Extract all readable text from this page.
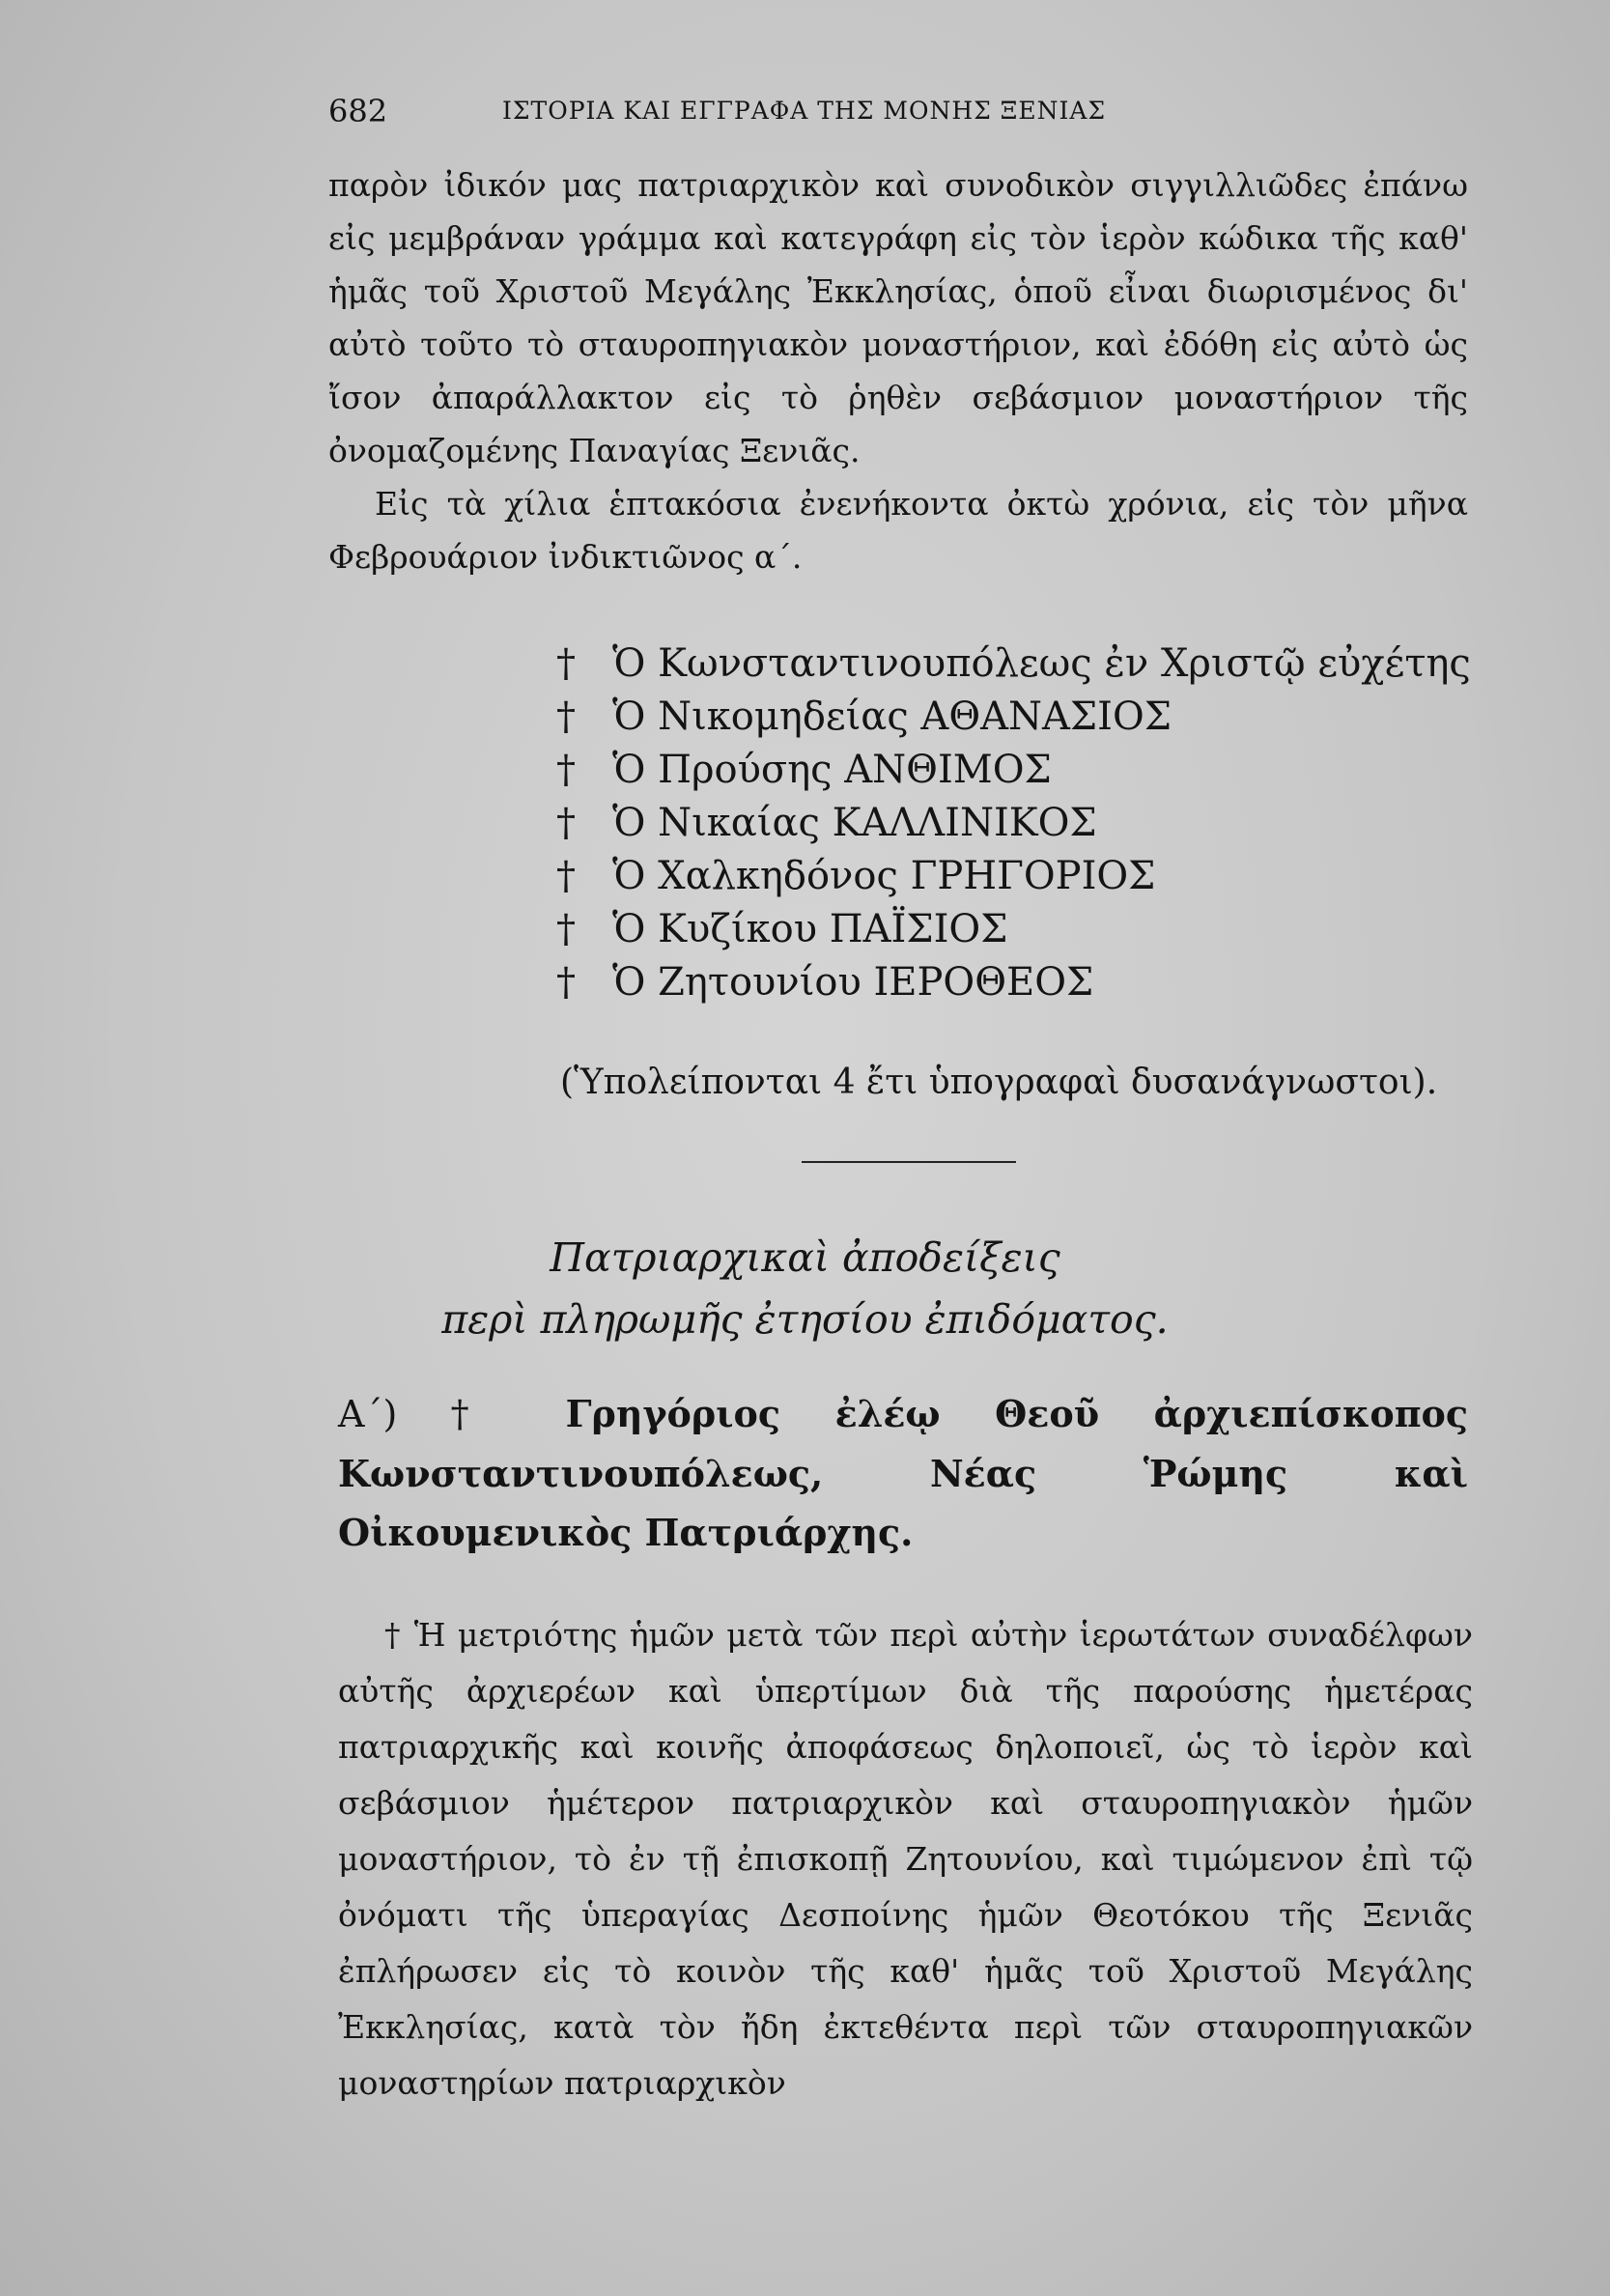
682	ΙΣΤΟΡΙΑ ΚΑΙ ΕΓΓΡΑΦΑ ΤΗΣ ΜΟΝΗΣ ΞΕΝΙΑΣ

παρὸν ἰδικόν μας πατριαρχικὸν καὶ συνοδικὸν σιγγιλλιῶδες ἐπάνω εἰς μεμβράναν γράμμα καὶ κατεγράφη εἰς τὸν ἱερὸν κώδικα τῆς καθ' ἡμᾶς τοῦ Χριστοῦ Μεγάλης Ἐκκλησίας, ὁποῦ εἶναι διωρισμένος δι' αὐτὸ τοῦτο τὸ σταυροπηγιακὸν μοναστήριον, καὶ ἐδόθη εἰς αὐτὸ ὡς ἴσον ἀπαράλλακτον εἰς τὸ ῥηθὲν σεβάσμιον μοναστήριον τῆς ὀνομαζομένης Παναγίας Ξενιᾶς.

Εἰς τὰ χίλια ἑπτακόσια ἐνενήκοντα ὀκτὼ χρόνια, εἰς τὸν μῆνα Φεβρουάριον ἰνδικτιῶνος α΄.

† Ὁ Κωνσταντινουπόλεως ἐν Χριστῷ εὐχέτης
† Ὁ Νικομηδείας ΑΘΑΝΑΣΙΟΣ
† Ὁ Προύσης ΑΝΘΙΜΟΣ
† Ὁ Νικαίας ΚΑΛΛΙΝΙΚΟΣ
† Ὁ Χαλκηδόνος ΓΡΗΓΟΡΙΟΣ
† Ὁ Κυζίκου ΠΑΪΣΙΟΣ
† Ὁ Ζητουνίου ΙΕΡΟΘΕΟΣ
(Ὑπολείπονται 4 ἔτι ὑπογραφαὶ δυσανάγνωστοι).
Πατριαρχικαὶ ἀποδείξεις
περὶ πληρωμῆς ἐτησίου ἐπιδόματος.
Α΄) † Γρηγόριος ἐλέῳ Θεοῦ ἀρχιεπίσκοπος Κωνσταντινουπόλεως, Νέας Ῥώμης καὶ Οἰκουμενικὸς Πατριάρχης.

† Ἡ μετριότης ἡμῶν μετὰ τῶν περὶ αὐτὴν ἱερωτάτων συναδέλφων αὐτῆς ἀρχιερέων καὶ ὑπερτίμων διὰ τῆς παρούσης ἡμετέρας πατριαρχικῆς καὶ κοινῆς ἀποφάσεως δηλοποιεῖ, ὡς τὸ ἱερὸν καὶ σεβάσμιον ἡμέτερον πατριαρχικὸν καὶ σταυροπηγιακὸν ἡμῶν μοναστήριον, τὸ ἐν τῇ ἐπισκοπῇ Ζητουνίου, καὶ τιμώμενον ἐπὶ τῷ ὀνόματι τῆς ὑπεραγίας Δεσποίνης ἡμῶν Θεοτόκου τῆς Ξενιᾶς ἐπλήρωσεν εἰς τὸ κοινὸν τῆς καθ' ἡμᾶς τοῦ Χριστοῦ Μεγάλης Ἐκκλησίας, κατὰ τὸν ἤδη ἐκτεθέντα περὶ τῶν σταυροπηγιακῶν μοναστηρίων πατριαρχικὸν
